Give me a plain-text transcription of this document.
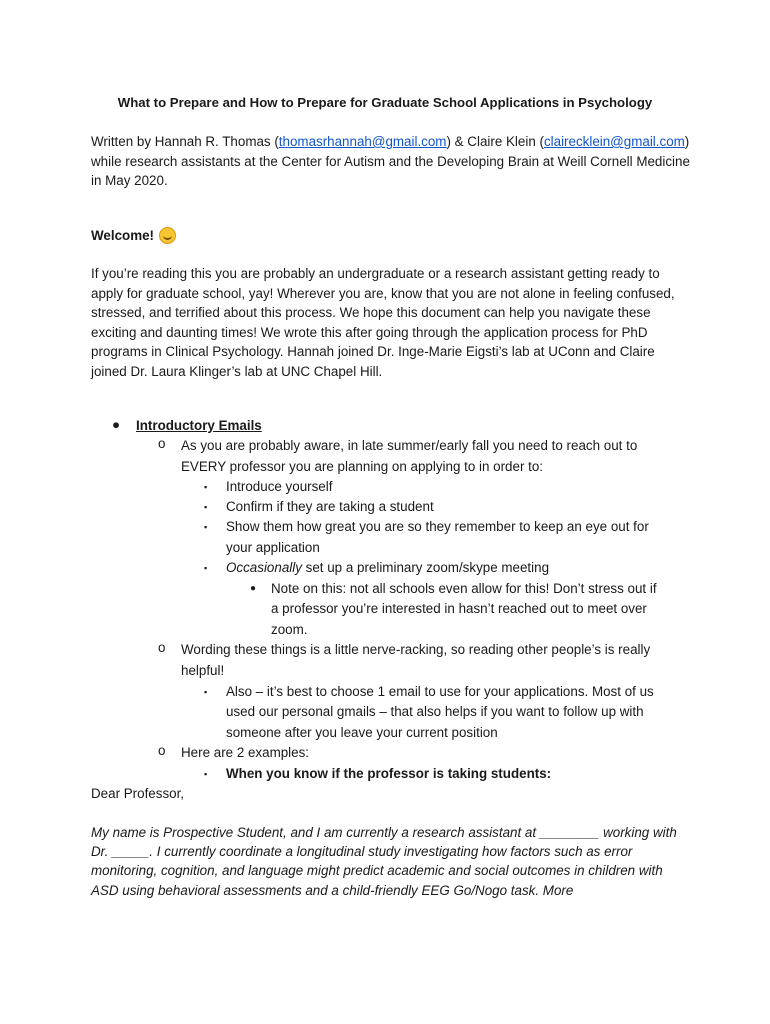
What to Prepare and How to Prepare for Graduate School Applications in Psychology
Written by Hannah R. Thomas (thomasrhannah@gmail.com) & Claire Klein (clairecklein@gmail.com) while research assistants at the Center for Autism and the Developing Brain at Weill Cornell Medicine in May 2020.
Welcome!
If you’re reading this you are probably an undergraduate or a research assistant getting ready to apply for graduate school, yay! Wherever you are, know that you are not alone in feeling confused, stressed, and terrified about this process. We hope this document can help you navigate these exciting and daunting times! We wrote this after going through the application process for PhD programs in Clinical Psychology. Hannah joined Dr. Inge-Marie Eigsti’s lab at UConn and Claire joined Dr. Laura Klinger’s lab at UNC Chapel Hill.
● Introductory Emails
o As you are probably aware, in late summer/early fall you need to reach out to
EVERY professor you are planning on applying to in order to:
▪ Introduce yourself
▪ Confirm if they are taking a student
▪ Show them how great you are so they remember to keep an eye out for
your application
▪ Occasionally set up a preliminary zoom/skype meeting
● Note on this: not all schools even allow for this! Don’t stress out if
a professor you’re interested in hasn’t reached out to meet over
zoom.
o Wording these things is a little nerve-racking, so reading other people’s is really
helpful!
▪ Also – it’s best to choose 1 email to use for your applications. Most of us
used our personal gmails – that also helps if you want to follow up with
someone after you leave your current position
o Here are 2 examples:
▪ When you know if the professor is taking students:
Dear Professor,
My name is Prospective Student, and I am currently a research assistant at ________ working with Dr. _____. I currently coordinate a longitudinal study investigating how factors such as error monitoring, cognition, and language might predict academic and social outcomes in children with ASD using behavioral assessments and a child-friendly EEG Go/Nogo task. More
